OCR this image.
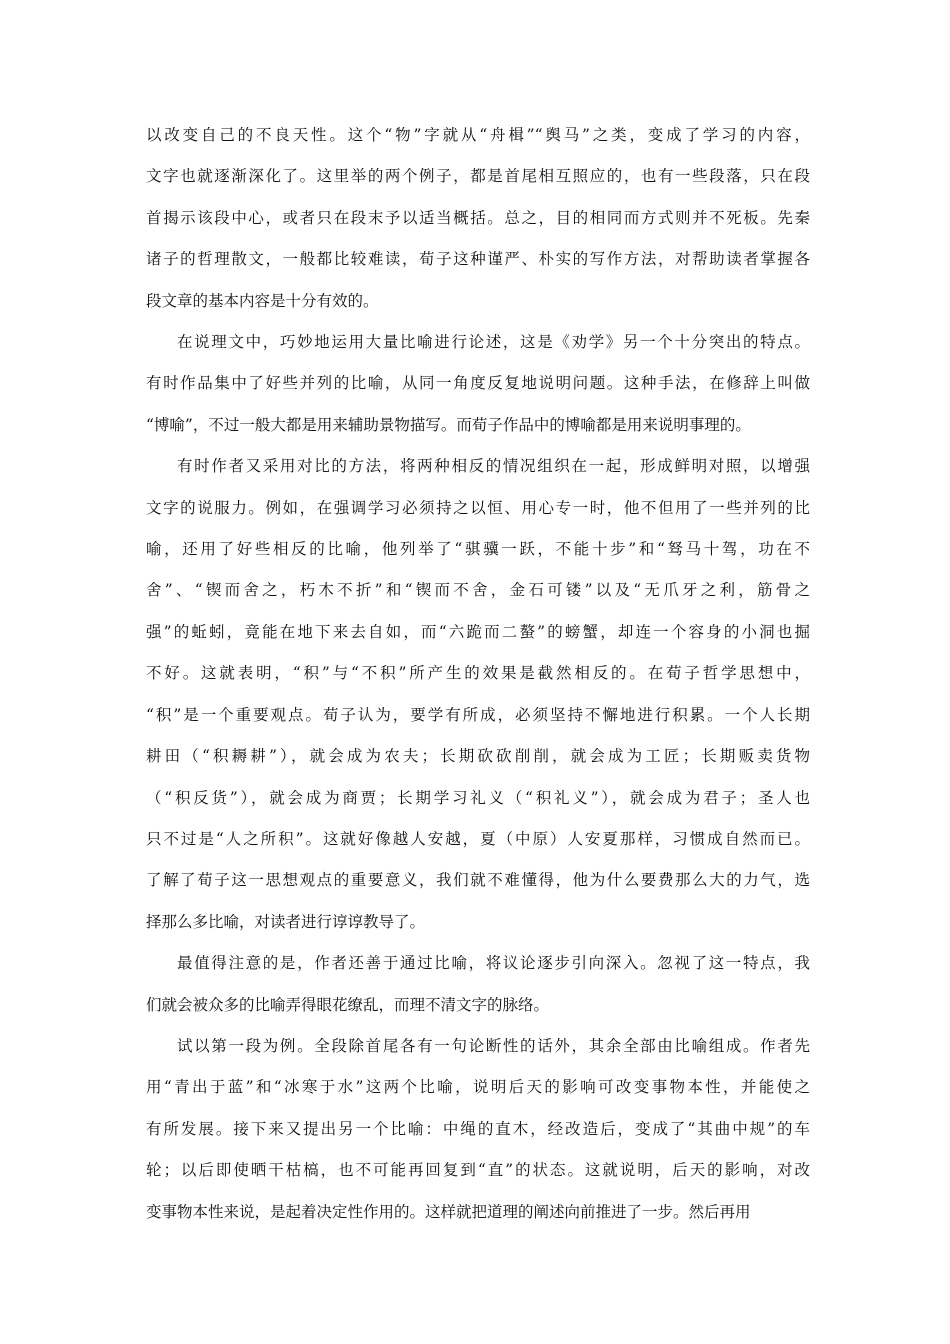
以改变自己的不良天性。这个“物”字就从“舟楫”“舆马”之类，变成了学习的内容，
文字也就逐渐深化了。这里举的两个例子，都是首尾相互照应的，也有一些段落，只在段
首揭示该段中心，或者只在段末予以适当概括。总之，目的相同而方式则并不死板。先秦
诸子的哲理散文，一般都比较难读，荀子这种谨严、朴实的写作方法，对帮助读者掌握各
段文章的基本内容是十分有效的。
在说理文中，巧妙地运用大量比喻进行论述，这是《劝学》另一个十分突出的特点。
有时作品集中了好些并列的比喻，从同一角度反复地说明问题。这种手法，在修辞上叫做
“博喻”，不过一般大都是用来辅助景物描写。而荀子作品中的博喻都是用来说明事理的。
有时作者又采用对比的方法，将两种相反的情况组织在一起，形成鲜明对照，以增强
文字的说服力。例如，在强调学习必须持之以恒、用心专一时，他不但用了一些并列的比
喻，还用了好些相反的比喻，他列举了“骐骥一跃，不能十步”和“驽马十驾，功在不
舍”、“锲而舍之，朽木不折”和“锲而不舍，金石可镂”以及“无爪牙之利，筋骨之
强”的蚯蚓，竟能在地下来去自如，而“六跪而二螯”的螃蟹，却连一个容身的小洞也掘
不好。这就表明，“积”与“不积”所产生的效果是截然相反的。在荀子哲学思想中，
“积”是一个重要观点。荀子认为，要学有所成，必须坚持不懈地进行积累。一个人长期
耕田（“积耨耕”），就会成为农夫；长期砍砍削削，就会成为工匠；长期贩卖货物
（“积反货”），就会成为商贾；长期学习礼义（“积礼义”），就会成为君子；圣人也
只不过是“人之所积”。这就好像越人安越，夏（中原）人安夏那样，习惯成自然而已。
了解了荀子这一思想观点的重要意义，我们就不难懂得，他为什么要费那么大的力气，选
择那么多比喻，对读者进行谆谆教导了。
最值得注意的是，作者还善于通过比喻，将议论逐步引向深入。忽视了这一特点，我
们就会被众多的比喻弄得眼花缭乱，而理不清文字的脉络。
试以第一段为例。全段除首尾各有一句论断性的话外，其余全部由比喻组成。作者先
用“青出于蓝”和“冰寒于水”这两个比喻，说明后天的影响可改变事物本性，并能使之
有所发展。接下来又提出另一个比喻：中绳的直木，经改造后，变成了“其曲中规”的车
轮；以后即使晒干枯槁，也不可能再回复到“直”的状态。这就说明，后天的影响，对改
变事物本性来说，是起着决定性作用的。这样就把道理的阐述向前推进了一步。然后再用
